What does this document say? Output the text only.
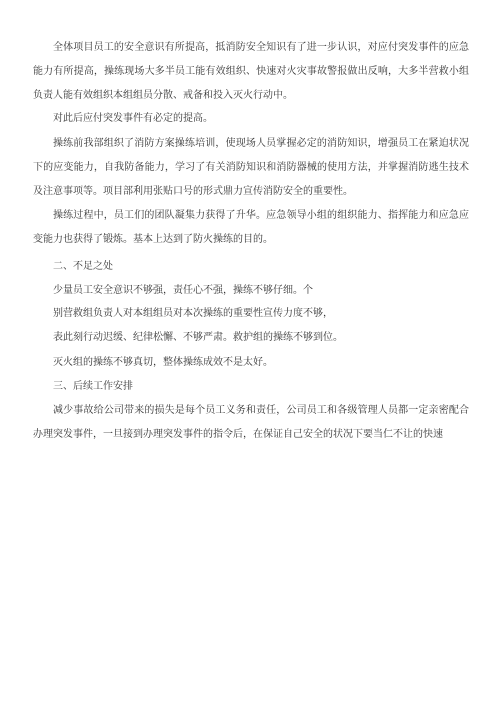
全体项目员工的安全意识有所提高，抵消防安全知识有了进一步认识，对应付突发事件的应急能力有所提高，操练现场大多半员工能有效组织、快速对火灾事故警报做出反响，大多半营救小组负责人能有效组织本组组员分散、戒备和投入灭火行动中。

对此后应付突发事件有必定的提高。

操练前我部组织了消防方案操练培训，使现场人员掌握必定的消防知识，增强员工在紧迫状况下的应变能力，自我防备能力，学习了有关消防知识和消防器械的使用方法，并掌握消防逃生技术及注意事项等。项目部利用张贴口号的形式鼎力宣传消防安全的重要性。

操练过程中，员工们的团队凝集力获得了升华。应急领导小组的组织能力、指挥能力和应急应变能力也获得了锻炼。基本上达到了防火操练的目的。

二、不足之处

少量员工安全意识不够强，责任心不强，操练不够仔细。个

别营救组负责人对本组组员对本次操练的重要性宣传力度不够，

表此刻行动迟缓、纪律松懈、不够严肃。救护组的操练不够到位。

灭火组的操练不够真切，整体操练成效不是太好。

三、后续工作安排

减少事故给公司带来的损失是每个员工义务和责任，公司员工和各级管理人员都一定亲密配合办理突发事件，一旦接到办理突发事件的指令后，在保证自己安全的状况下要当仁不让的快速
